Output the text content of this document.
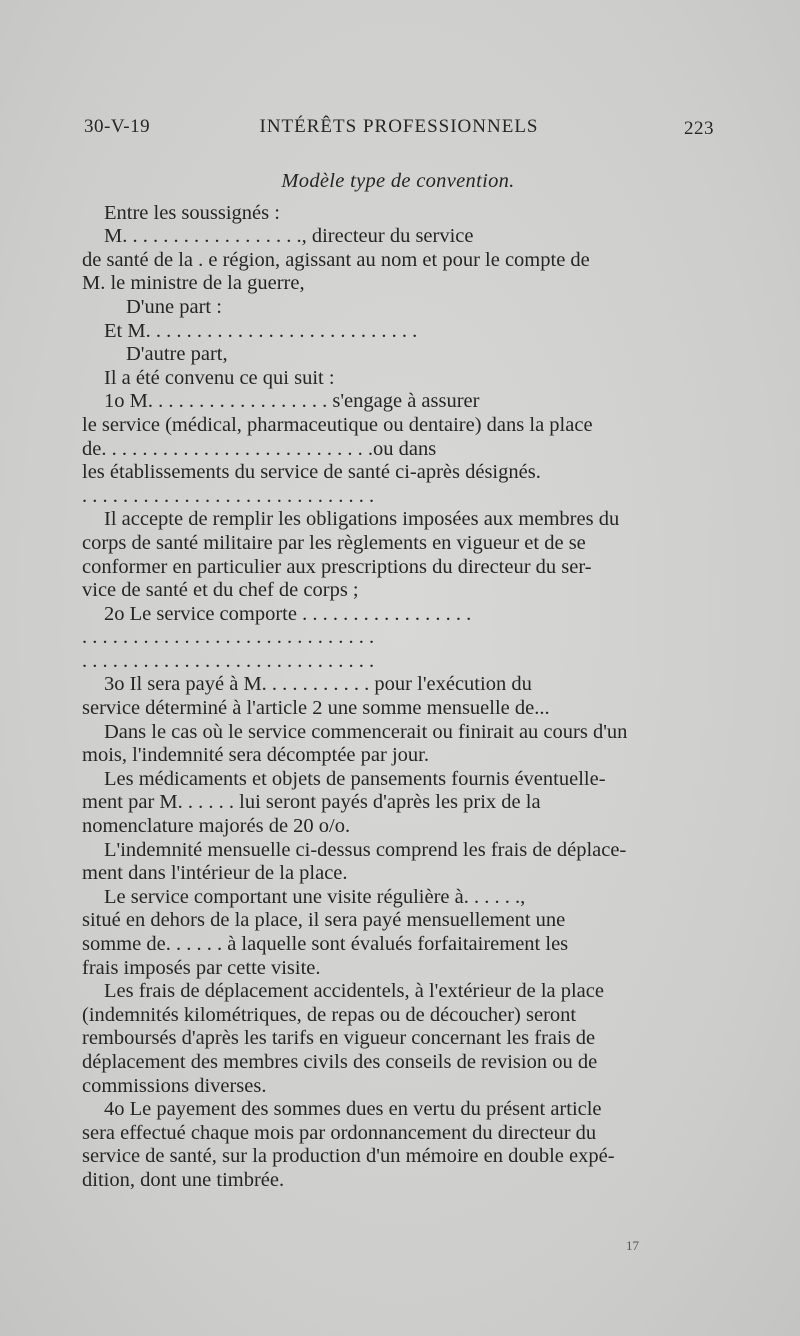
30-V-19	INTÉRÊTS PROFESSIONNELS	223
Modèle type de convention.
Entre les soussignés :
M. . . . . . . . . . . . . . . . . ., directeur du service
de santé de la . e région, agissant au nom et pour le compte de
M. le ministre de la guerre,
D'une part :
Et M. . . . . . . . . . . . . . . . . . . . . . . . . . .
D'autre part,
Il a été convenu ce qui suit :
1o M. . . . . . . . . . . . . . . . . . s'engage à assurer
le service (médical, pharmaceutique ou dentaire) dans la place
de. . . . . . . . . . . . . . . . . . . . . . . . . . .ou dans
les établissements du service de santé ci-après désignés.
. . . . . . . . . . . . . . . . . . . . . . . . . . . . .
Il accepte de remplir les obligations imposées aux membres du
corps de santé militaire par les règlements en vigueur et de se
conformer en particulier aux prescriptions du directeur du ser-
vice de santé et du chef de corps ;
2o Le service comporte . . . . . . . . . . . . . . . . .
. . . . . . . . . . . . . . . . . . . . . . . . . . . . .
. . . . . . . . . . . . . . . . . . . . . . . . . . . . .
3o Il sera payé à M. . . . . . . . . . . pour l'exécution du
service déterminé à l'article 2 une somme mensuelle de...
Dans le cas où le service commencerait ou finirait au cours d'un
mois, l'indemnité sera décomptée par jour.
Les médicaments et objets de pansements fournis éventuelle-
ment par M. . . . . . lui seront payés d'après les prix de la
nomenclature majorés de 20 o/o.
L'indemnité mensuelle ci-dessus comprend les frais de déplace-
ment dans l'intérieur de la place.
Le service comportant une visite régulière à. . . . . .,
situé en dehors de la place, il sera payé mensuellement une
somme de. . . . . . à laquelle sont évalués forfaitairement les
frais imposés par cette visite.
Les frais de déplacement accidentels, à l'extérieur de la place
(indemnités kilométriques, de repas ou de découcher) seront
remboursés d'après les tarifs en vigueur concernant les frais de
déplacement des membres civils des conseils de revision ou de
commissions diverses.
4o Le payement des sommes dues en vertu du présent article
sera effectué chaque mois par ordonnancement du directeur du
service de santé, sur la production d'un mémoire en double expé-
dition, dont une timbrée.
17
